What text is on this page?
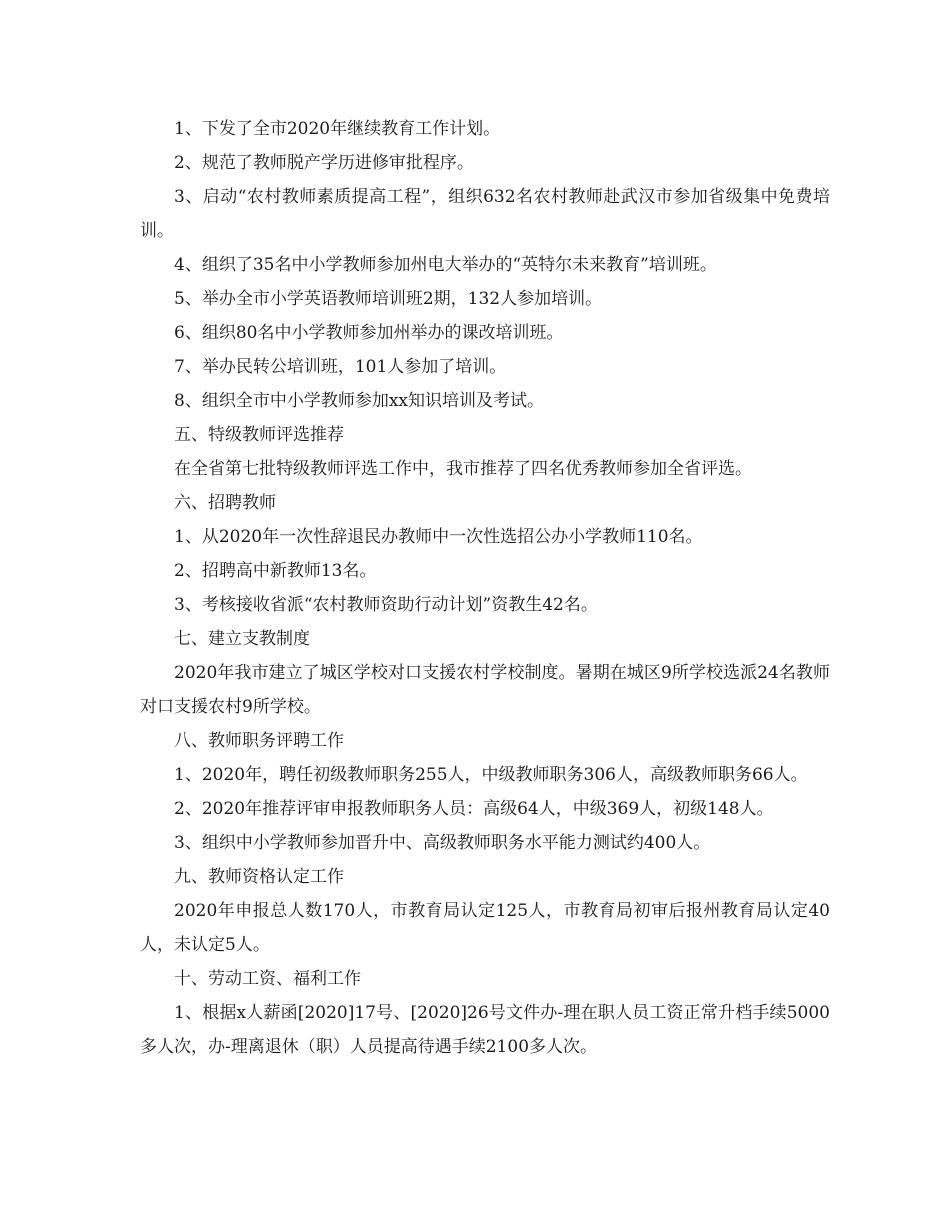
1、下发了全市2020年继续教育工作计划。

2、规范了教师脱产学历进修审批程序。

3、启动“农村教师素质提高工程”，组织632名农村教师赴武汉市参加省级集中免费培训。

4、组织了35名中小学教师参加州电大举办的“英特尔未来教育”培训班。

5、举办全市小学英语教师培训班2期，132人参加培训。

6、组织80名中小学教师参加州举办的课改培训班。

7、举办民转公培训班，101人参加了培训。

8、组织全市中小学教师参加xx知识培训及考试。

五、特级教师评选推荐

在全省第七批特级教师评选工作中，我市推荐了四名优秀教师参加全省评选。

六、招聘教师

1、从2020年一次性辞退民办教师中一次性选招公办小学教师110名。

2、招聘高中新教师13名。

3、考核接收省派“农村教师资助行动计划”资教生42名。

七、建立支教制度

2020年我市建立了城区学校对口支援农村学校制度。暑期在城区9所学校选派24名教师对口支援农村9所学校。

八、教师职务评聘工作

1、2020年，聘任初级教师职务255人，中级教师职务306人，高级教师职务66人。

2、2020年推荐评审申报教师职务人员：高级64人，中级369人，初级148人。

3、组织中小学教师参加晋升中、高级教师职务水平能力测试约400人。

九、教师资格认定工作

2020年申报总人数170人，市教育局认定125人，市教育局初审后报州教育局认定40人，未认定5人。

十、劳动工资、福利工作

1、根据x人薪函[2020]17号、[2020]26号文件办-理在职人员工资正常升档手续5000多人次，办-理离退休（职）人员提高待遇手续2100多人次。
